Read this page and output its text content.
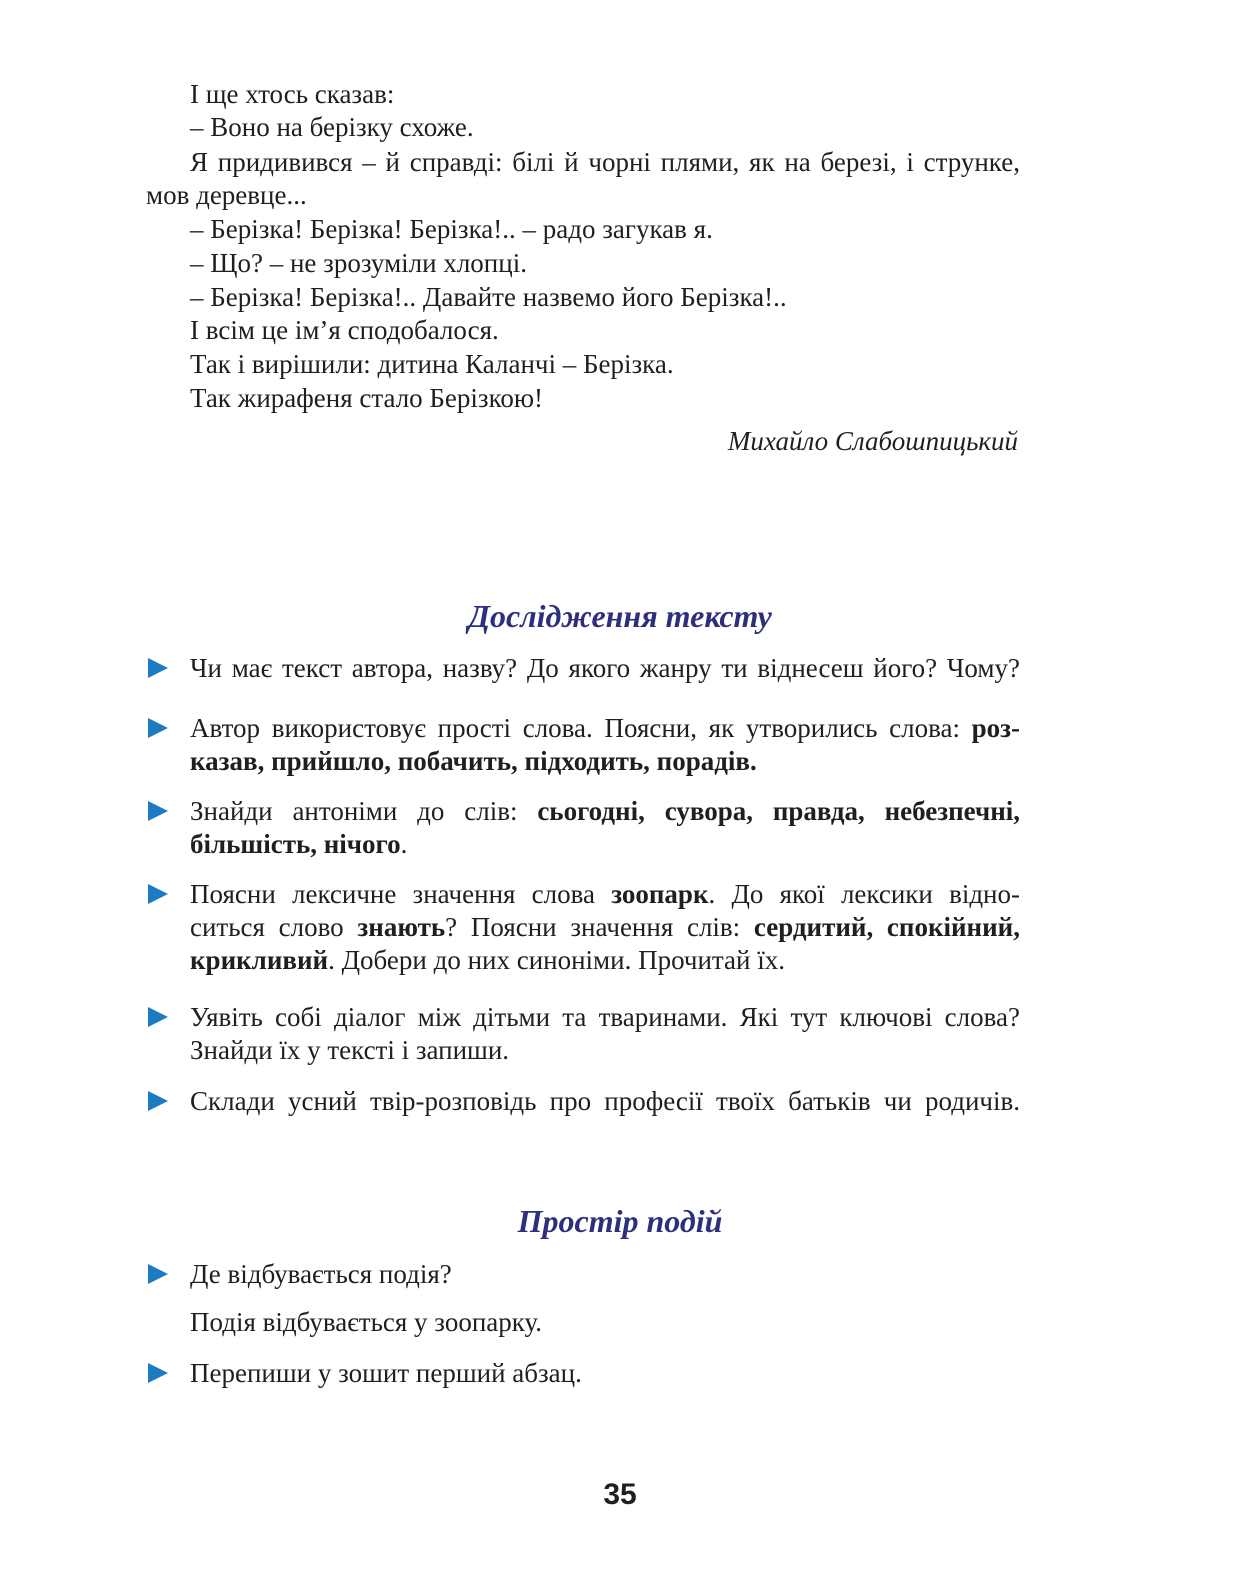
І ще хтось сказав:
– Воно на берізку схоже.
Я придивився – й справді: білі й чорні плями, як на березі, і струнке,
мов деревце...
– Берізка! Берізка! Берізка!.. – радо загукав я.
– Що? – не зрозуміли хлопці.
– Берізка! Берізка!.. Давайте назвемо його Берізка!..
І всім це ім’я сподобалося.
Так і вирішили: дитина Каланчі – Берізка.
Так жирафеня стало Берізкою!
Михайло Слабошпицький
Дослідження тексту
Чи має текст автора, назву? До якого жанру ти віднесеш його? Чому?
Автор використовує прості слова. Поясни, як утворились слова: роз-
казав, прийшло, побачить, підходить, порадів.
Знайди антоніми до слів: сьогодні, сувора, правда, небезпечні,
більшість, нічого.
Поясни лексичне значення слова зоопарк. До якої лексики відно-
ситься слово знають? Поясни значення слів: сердитий, спокійний,
крикливий. Добери до них синоніми. Прочитай їх.
Уявіть собі діалог між дітьми та тваринами. Які тут ключові слова?
Знайди їх у тексті і запиши.
Склади усний твір-розповідь про професії твоїх батьків чи родичів.
Простір подій
Де відбувається подія?
Подія відбувається у зоопарку.
Перепиши у зошит перший абзац.
35
